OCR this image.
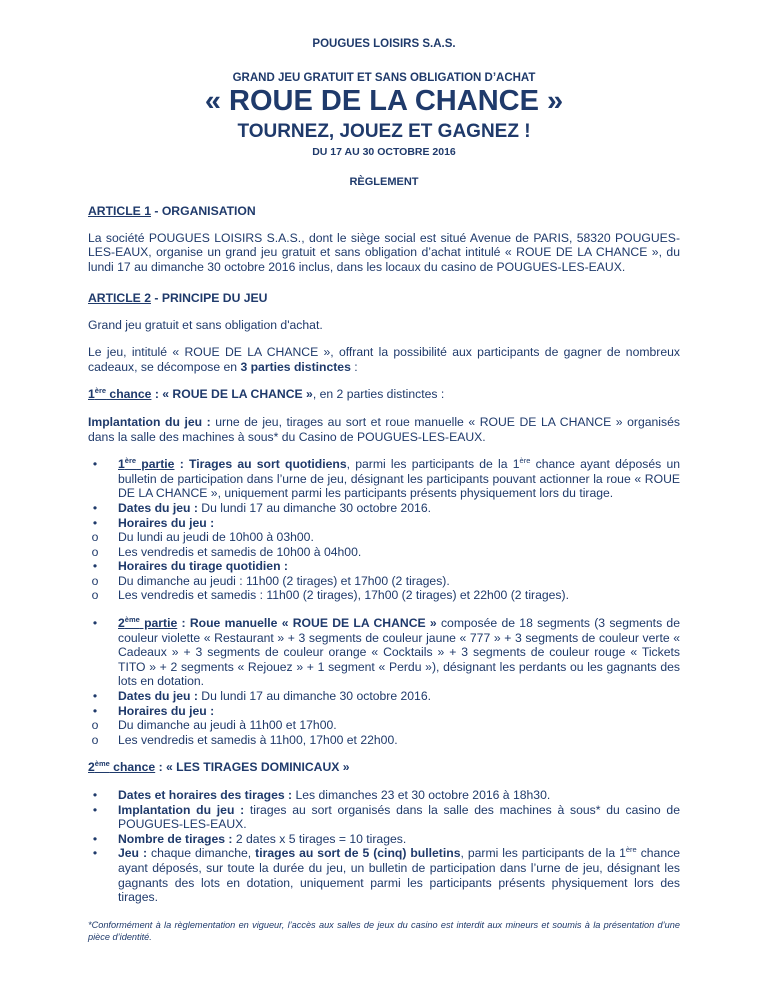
POUGUES LOISIRS S.A.S.
GRAND JEU GRATUIT ET SANS OBLIGATION D’ACHAT
« ROUE DE LA CHANCE »
TOURNEZ, JOUEZ ET GAGNEZ !
DU 17 AU 30 OCTOBRE 2016
RÈGLEMENT
ARTICLE 1 - ORGANISATION

La société POUGUES LOISIRS S.A.S., dont le siège social est situé Avenue de PARIS, 58320 POUGUES-LES-EAUX, organise un grand jeu gratuit et sans obligation d’achat intitulé « ROUE DE LA CHANCE », du lundi 17 au dimanche 30 octobre 2016 inclus, dans les locaux du casino de POUGUES-LES-EAUX.

ARTICLE 2 - PRINCIPE DU JEU

Grand jeu gratuit et sans obligation d'achat.

Le jeu, intitulé « ROUE DE LA CHANCE », offrant la possibilité aux participants de gagner de nombreux cadeaux, se décompose en 3 parties distinctes :

1ère chance : « ROUE DE LA CHANCE », en 2 parties distinctes :

Implantation du jeu : urne de jeu, tirages au sort et roue manuelle « ROUE DE LA CHANCE » organisés dans la salle des machines à sous* du Casino de POUGUES-LES-EAUX.

•	1ère partie : Tirages au sort quotidiens, parmi les participants de la 1ère chance ayant déposés un bulletin de participation dans l’urne de jeu, désignant les participants pouvant actionner la roue « ROUE DE LA CHANCE », uniquement parmi les participants présents physiquement lors du tirage.
•	Dates du jeu : Du lundi 17 au dimanche 30 octobre 2016.
•	Horaires du jeu :
o Du lundi au jeudi de 10h00 à 03h00.
o Les vendredis et samedis de 10h00 à 04h00.
•	Horaires du tirage quotidien :
o Du dimanche au jeudi : 11h00 (2 tirages) et 17h00 (2 tirages).
o Les vendredis et samedis : 11h00 (2 tirages), 17h00 (2 tirages) et 22h00 (2 tirages).
•	2ème partie : Roue manuelle « ROUE DE LA CHANCE » composée de 18 segments (3 segments de couleur violette « Restaurant » + 3 segments de couleur jaune « 777 » + 3 segments de couleur verte « Cadeaux » + 3 segments de couleur orange « Cocktails » + 3 segments de couleur rouge « Tickets TITO » + 2 segments « Rejouez » + 1 segment « Perdu »), désignant les perdants ou les gagnants des lots en dotation.
•	Dates du jeu : Du lundi 17 au dimanche 30 octobre 2016.
•	Horaires du jeu :
o Du dimanche au jeudi à 11h00 et 17h00.
o Les vendredis et samedis à 11h00, 17h00 et 22h00.

2ème chance : « LES TIRAGES DOMINICAUX »

•	Dates et horaires des tirages : Les dimanches 23 et 30 octobre 2016 à 18h30.
•	Implantation du jeu : tirages au sort organisés dans la salle des machines à sous* du casino de POUGUES-LES-EAUX.
•	Nombre de tirages : 2 dates x 5 tirages = 10 tirages.
•	Jeu : chaque dimanche, tirages au sort de 5 (cinq) bulletins, parmi les participants de la 1ère chance ayant déposés, sur toute la durée du jeu, un bulletin de participation dans l’urne de jeu, désignant les gagnants des lots en dotation, uniquement parmi les participants présents physiquement lors des tirages.
*Conformément à la règlementation en vigueur, l’accès aux salles de jeux du casino est interdit aux mineurs et soumis à la présentation d’une pièce d’identité.
